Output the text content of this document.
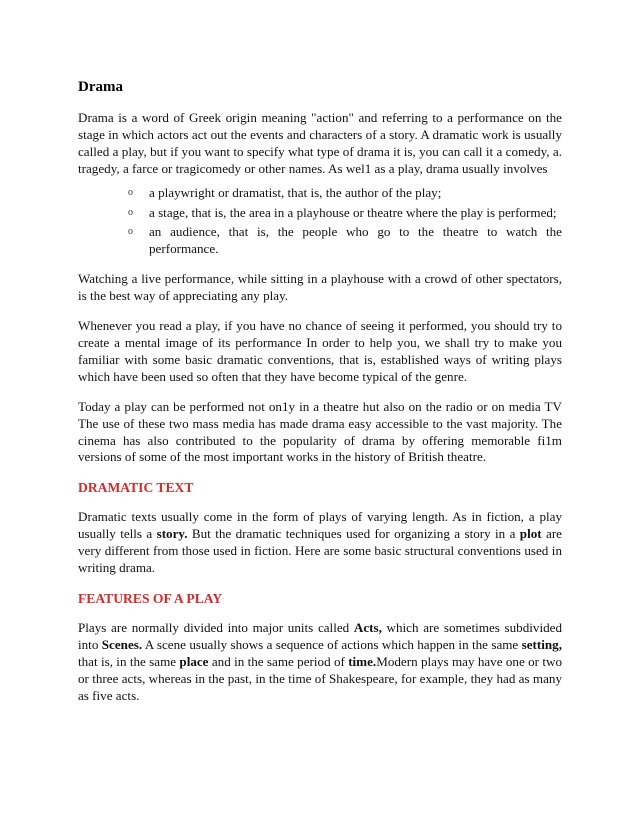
Drama

Drama is a word of Greek origin meaning "action" and referring to a performance on the stage in which actors act out the events and characters of a story. A dramatic work is usually called a play, but if you want to specify what type of drama it is, you can call it a comedy, a. tragedy, a farce or tragicomedy or other names. As wel1 as a play, drama usually involves

o a playwright or dramatist, that is, the author of the play;
o a stage, that is, the area in a playhouse or theatre where the play is performed;
o an audience, that is, the people who go to the theatre to watch the performance.

Watching a live performance, while sitting in a playhouse with a crowd of other spectators, is the best way of appreciating any play.

Whenever you read a play, if you have no chance of seeing it performed, you should try to create a mental image of its performance In order to help you, we shall try to make you familiar with some basic dramatic conventions, that is, established ways of writing plays which have been used so often that they have become typical of the genre.

Today a play can be performed not on1y in a theatre hut also on the radio or on media TV The use of these two mass media has made drama easy accessible to the vast majority. The cinema has also contributed to the popularity of drama by offering memorable fi1m versions of some of the most important works in the history of British theatre.

DRAMATIC TEXT

Dramatic texts usually come in the form of plays of varying length. As in fiction, a play usually tells a story. But the dramatic techniques used for organizing a story in a plot are very different from those used in fiction. Here are some basic structural conventions used in writing drama.

FEATURES OF A PLAY

Plays are normally divided into major units called Acts, which are sometimes subdivided into Scenes. A scene usually shows a sequence of actions which happen in the same setting, that is, in the same place and in the same period of time.Modern plays may have one or two or three acts, whereas in the past, in the time of Shakespeare, for example, they had as many as five acts.
